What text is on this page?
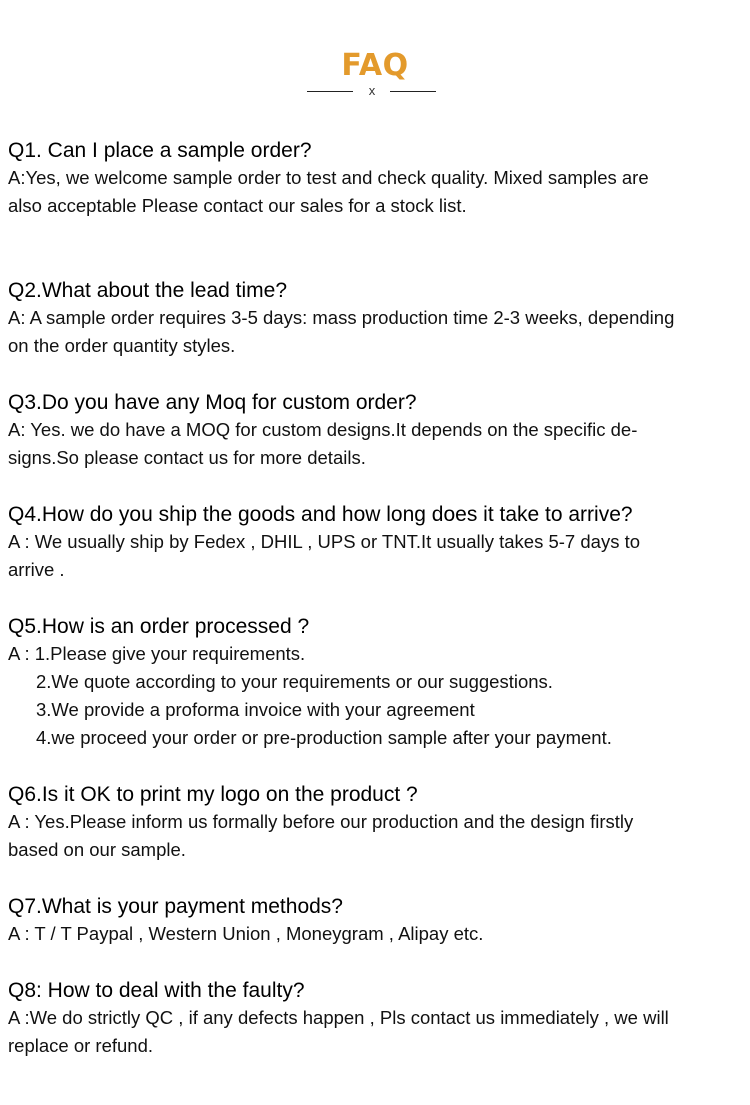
FAQ
x
Q1. Can I place a sample order?

A:Yes, we welcome sample order to test and check quality. Mixed samples are
also acceptable Please contact our sales for a stock list.

Q2.What about the lead time?

A: A sample order requires 3-5 days: mass production time 2-3 weeks, depending
on the order quantity styles.

Q3.Do you have any Moq for custom order?

A: Yes. we do have a MOQ for custom designs.It depends on the specific de-
signs.So please contact us for more details.

Q4.How do you ship the goods and how long does it take to arrive?

A : We usually ship by Fedex , DHIL , UPS or TNT.It usually takes 5-7 days to
arrive .

Q5.How is an order processed ?

A : 1.Please give your requirements.
2.We quote according to your requirements or our suggestions.
3.We provide a proforma invoice with your agreement
4.we proceed your order or pre-production sample after your payment.

Q6.Is it OK to print my logo on the product ?

A : Yes.Please inform us formally before our production and the design firstly
based on our sample.

Q7.What is your payment methods?

A : T / T Paypal , Western Union , Moneygram , Alipay etc.

Q8: How to deal with the faulty?

A :We do strictly QC , if any defects happen , Pls contact us immediately , we will
replace or refund.
